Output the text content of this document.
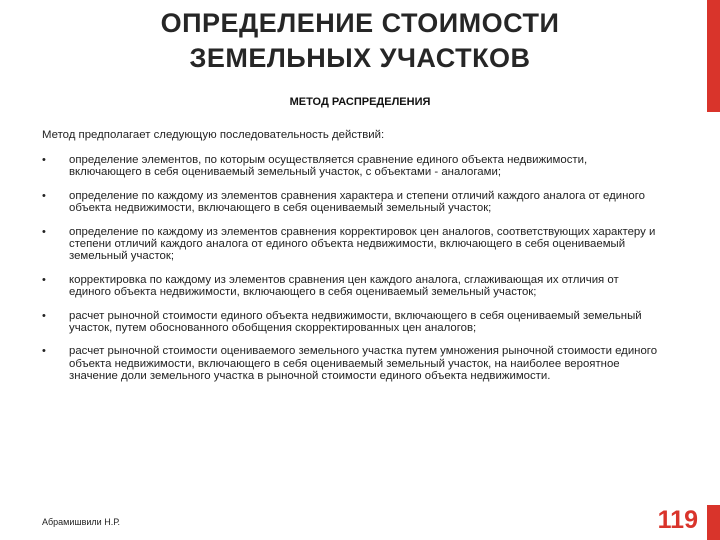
ОПРЕДЕЛЕНИЕ СТОИМОСТИ
ЗЕМЕЛЬНЫХ УЧАСТКОВ
МЕТОД РАСПРЕДЕЛЕНИЯ
Метод предполагает следующую последовательность действий:
• определение элементов, по которым осуществляется сравнение единого объекта недвижимости, включающего в себя оцениваемый земельный участок, с объектами - аналогами;
• определение по каждому из элементов сравнения характера и степени отличий каждого аналога от единого объекта недвижимости, включающего в себя оцениваемый земельный участок;
• определение по каждому из элементов сравнения корректировок цен аналогов, соответствующих характеру и степени отличий каждого аналога от единого объекта недвижимости, включающего в себя оцениваемый земельный участок;
• корректировка по каждому из элементов сравнения цен каждого аналога, сглаживающая их отличия от единого объекта недвижимости, включающего в себя оцениваемый земельный участок;
• расчет рыночной стоимости единого объекта недвижимости, включающего в себя оцениваемый земельный участок, путем обоснованного обобщения скорректированных цен аналогов;
• расчет рыночной стоимости оцениваемого земельного участка путем умножения рыночной стоимости единого объекта недвижимости, включающего в себя оцениваемый земельный участок, на наиболее вероятное значение доли земельного участка в рыночной стоимости единого объекта недвижимости.
Абрамишвили Н.Р.	119
